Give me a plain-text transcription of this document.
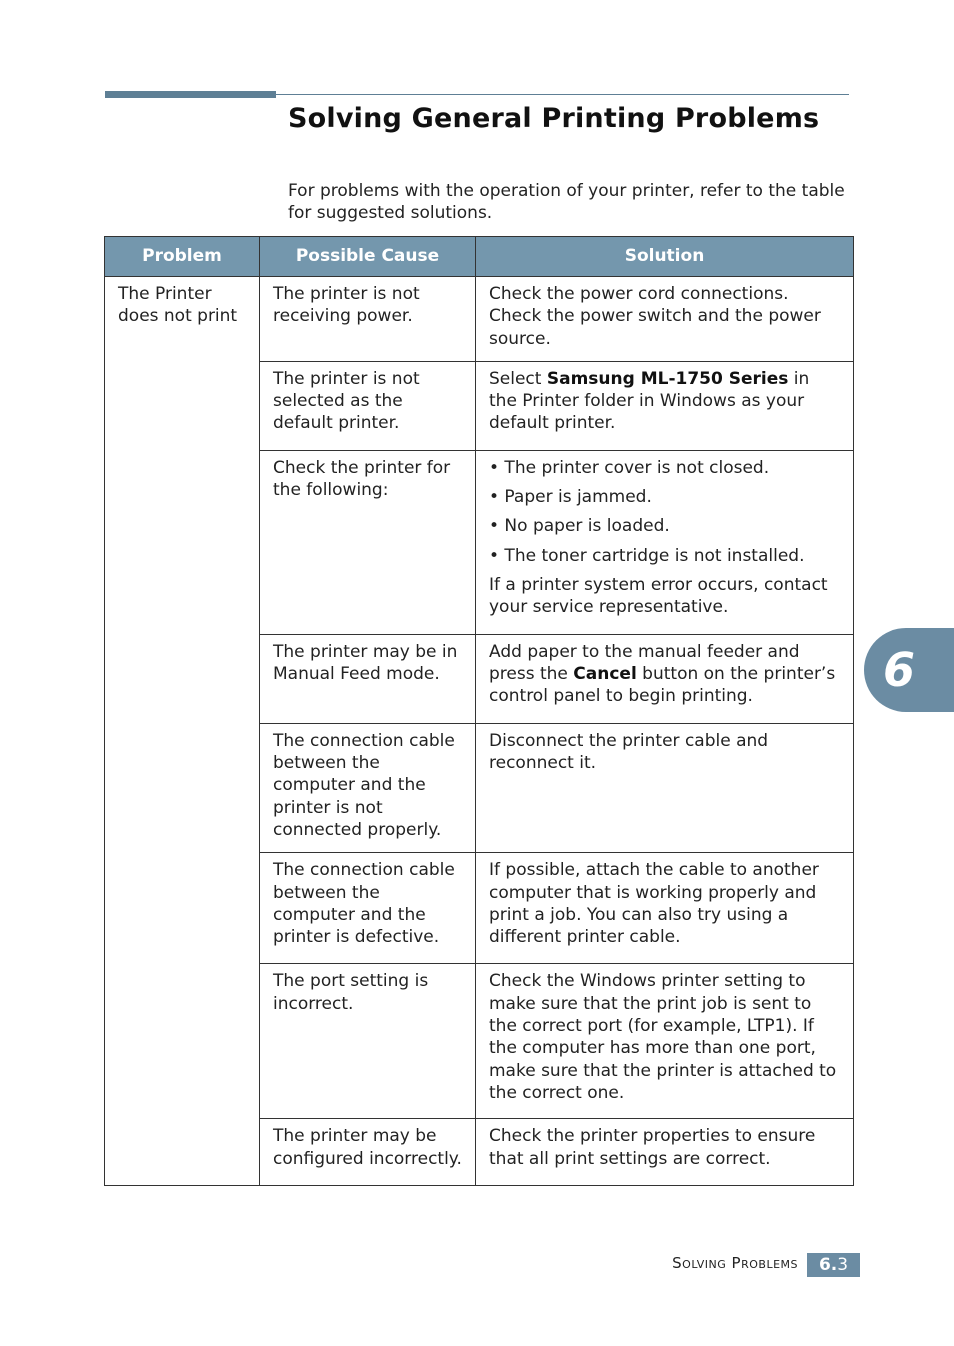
Solving General Printing Problems

For problems with the operation of your printer, refer to the table for suggested solutions.

Problem	Possible Cause	Solution
The Printer does not print	The printer is not receiving power.	Check the power cord connections. Check the power switch and the power source.
	The printer is not selected as the default printer.	Select Samsung ML-1750 Series in the Printer folder in Windows as your default printer.
	Check the printer for the following:	• The printer cover is not closed.
• Paper is jammed.
• No paper is loaded.
• The toner cartridge is not installed.
If a printer system error occurs, contact your service representative.

	The printer may be in Manual Feed mode.	Add paper to the manual feeder and press the Cancel button on the printer’s control panel to begin printing.
	The connection cable between the computer and the printer is not connected properly.	Disconnect the printer cable and reconnect it.
	The connection cable between the computer and the printer is defective.	If possible, attach the cable to another computer that is working properly and print a job. You can also try using a different printer cable.
	The port setting is incorrect.	Check the Windows printer setting to make sure that the print job is sent to the correct port (for example, LTP1). If the computer has more than one port, make sure that the printer is attached to the correct one.
	The printer may be configured incorrectly.	Check the printer properties to ensure that all print settings are correct.
6
Solving Problems	6.3
